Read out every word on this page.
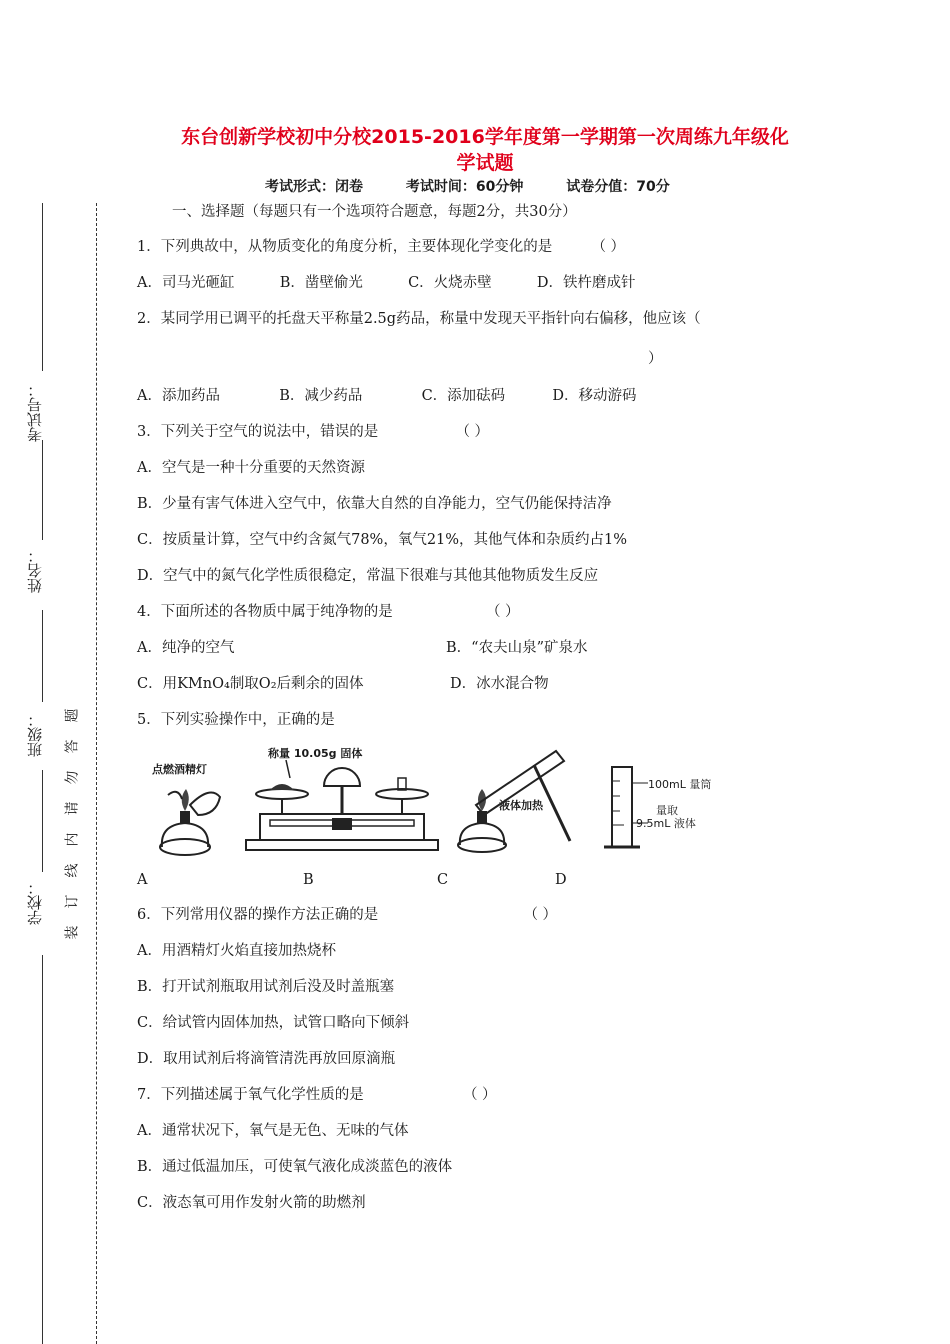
东台创新学校初中分校2015-2016学年度第一学期第一次周练九年级化
学试题
考试形式：闭卷	考试时间：60分钟	试卷分值：70分
一、选择题（每题只有一个选项符合题意，每题2分，共30分）
1．下列典故中，从物质变化的角度分析，主要体现化学变化的是	（ ）
A．司马光砸缸	B．凿壁偷光	C．火烧赤壁	D．铁杵磨成针
2．某同学用已调平的托盘天平称量2.5g药品，称量中发现天平指针向右偏移，他应该（
）
A．添加药品	B．减少药品	C．添加砝码	D．移动游码
3．下列关于空气的说法中，错误的是	（ ）
A．空气是一种十分重要的天然资源
B．少量有害气体进入空气中，依靠大自然的自净能力，空气仍能保持洁净
C．按质量计算，空气中约含氮气78%，氧气21%，其他气体和杂质约占1%
D．空气中的氮气化学性质很稳定，常温下很难与其他其他物质发生反应
4．下面所述的各物质中属于纯净物的是	（ ）
A．纯净的空气	B．“农夫山泉”矿泉水
C．用KMnO₄制取O₂后剩余的固体	D．冰水混合物
5．下列实验操作中，正确的是
点燃酒精灯
称量 10.05g 固体
液体加热
100mL 量筒
量取
9.5mL 液体
A	B	C	D
6．下列常用仪器的操作方法正确的是	（ ）
A．用酒精灯火焰直接加热烧杯
B．打开试剂瓶取用试剂后没及时盖瓶塞
C．给试管内固体加热，试管口略向下倾斜
D．取用试剂后将滴管清洗再放回原滴瓶
7．下列描述属于氧气化学性质的是	（ ）
A．通常状况下，氧气是无色、无味的气体
B．通过低温加压，可使氧气液化成淡蓝色的液体
C．液态氧可用作发射火箭的助燃剂
考试号：
姓名：
班级：
学校：
题
答
勿
请
内
线
订
装
